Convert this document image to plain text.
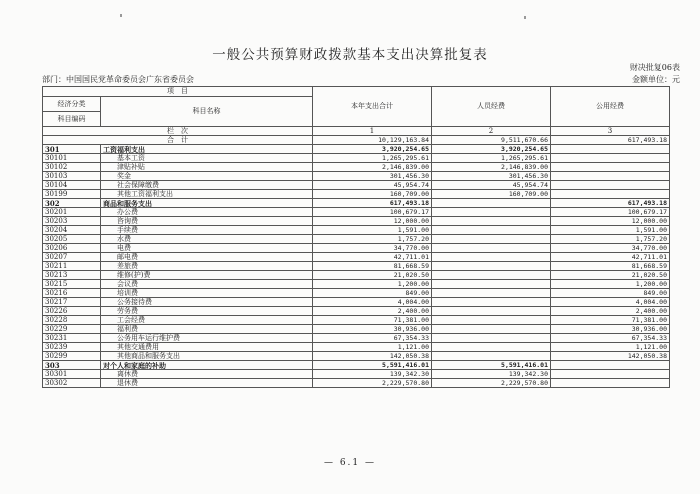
一般公共预算财政拨款基本支出决算批复表
财决批复06表
部门：中国国民党革命委员会广东省委员会	金额单位：元
项　目		本年支出合计	人员经费	公用经费
经济分类	科目名称			
科目编码				
栏　次		1	2	3
合　计		10,129,163.84	9,511,670.66	617,493.18
301	工资福利支出	3,920,254.65	3,920,254.65	
30101	基本工资	1,265,295.61	1,265,295.61	
30102	津贴补贴	2,146,839.00	2,146,839.00	
30103	奖金	301,456.30	301,456.30	
30104	社会保障缴费	45,954.74	45,954.74	
30199	其他工资福利支出	160,709.00	160,709.00	
302	商品和服务支出	617,493.18		617,493.18
30201	办公费	100,679.17		100,679.17
30203	咨询费	12,000.00		12,000.00
30204	手续费	1,591.00		1,591.00
30205	水费	1,757.20		1,757.20
30206	电费	34,770.00		34,770.00
30207	邮电费	42,711.01		42,711.01
30211	差旅费	81,668.59		81,668.59
30213	维修(护)费	21,020.50		21,020.50
30215	会议费	1,200.00		1,200.00
30216	培训费	849.00		849.00
30217	公务接待费	4,004.00		4,004.00
30226	劳务费	2,400.00		2,400.00
30228	工会经费	71,381.00		71,381.00
30229	福利费	30,936.00		30,936.00
30231	公务用车运行维护费	67,354.33		67,354.33
30239	其他交通费用	1,121.00		1,121.00
30299	其他商品和服务支出	142,050.38		142,050.38
303	对个人和家庭的补助	5,591,416.01	5,591,416.01	
30301	离休费	139,342.30	139,342.30	
30302	退休费	2,229,570.80	2,229,570.80	
— 6.1 —
